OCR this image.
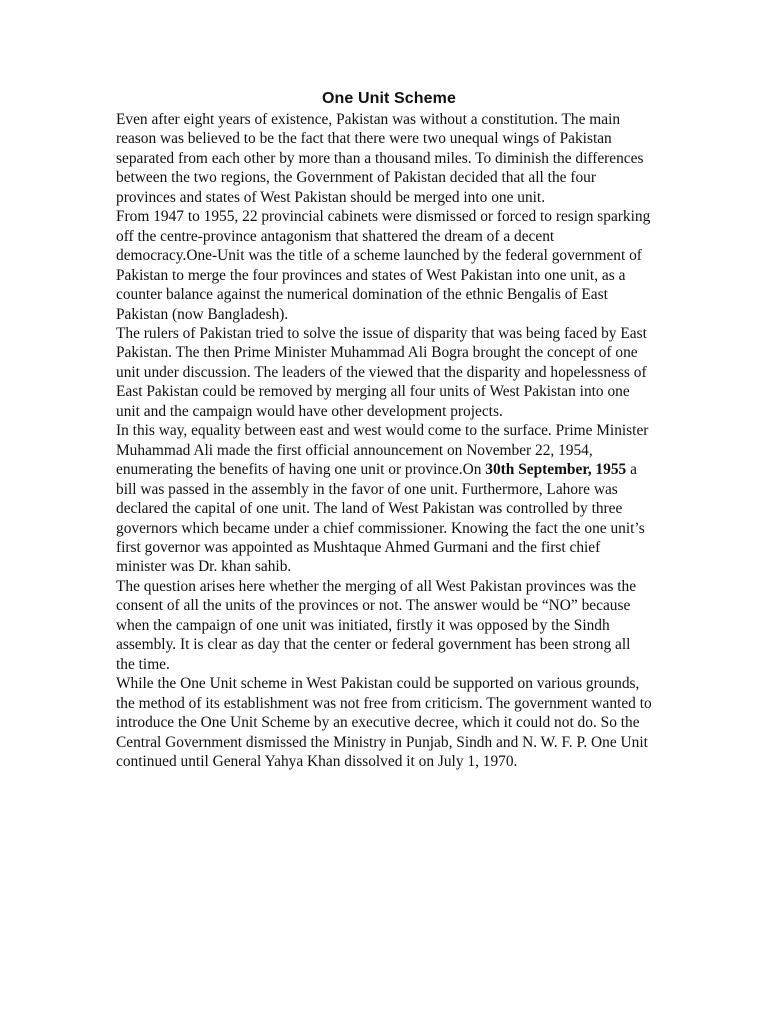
One Unit Scheme

Even after eight years of existence, Pakistan was without a constitution. The main reason was believed to be the fact that there were two unequal wings of Pakistan separated from each other by more than a thousand miles. To diminish the differences between the two regions, the Government of Pakistan decided that all the four provinces and states of West Pakistan should be merged into one unit.

From 1947 to 1955, 22 provincial cabinets were dismissed or forced to resign sparking off the centre-province antagonism that shattered the dream of a decent democracy.One-Unit was the title of a scheme launched by the federal government of Pakistan to merge the four provinces and states of West Pakistan into one unit, as a counter balance against the numerical domination of the ethnic Bengalis of East Pakistan (now Bangladesh).

The rulers of Pakistan tried to solve the issue of disparity that was being faced by East Pakistan. The then Prime Minister Muhammad Ali Bogra brought the concept of one unit under discussion. The leaders of the viewed that the disparity and hopelessness of East Pakistan could be removed by merging all four units of West Pakistan into one unit and the campaign would have other development projects.

In this way, equality between east and west would come to the surface. Prime Minister Muhammad Ali made the first official announcement on November 22, 1954, enumerating the benefits of having one unit or province.On 30th September, 1955 a bill was passed in the assembly in the favor of one unit. Furthermore, Lahore was declared the capital of one unit. The land of West Pakistan was controlled by three governors which became under a chief commissioner. Knowing the fact the one unit’s first governor was appointed as Mushtaque Ahmed Gurmani and the first chief minister was Dr. khan sahib.

The question arises here whether the merging of all West Pakistan provinces was the consent of all the units of the provinces or not. The answer would be “NO” because when the campaign of one unit was initiated, firstly it was opposed by the Sindh assembly. It is clear as day that the center or federal government has been strong all the time.

While the One Unit scheme in West Pakistan could be supported on various grounds, the method of its establishment was not free from criticism. The government wanted to introduce the One Unit Scheme by an executive decree, which it could not do. So the Central Government dismissed the Ministry in Punjab, Sindh and N. W. F. P. One Unit continued until General Yahya Khan dissolved it on July 1, 1970.
